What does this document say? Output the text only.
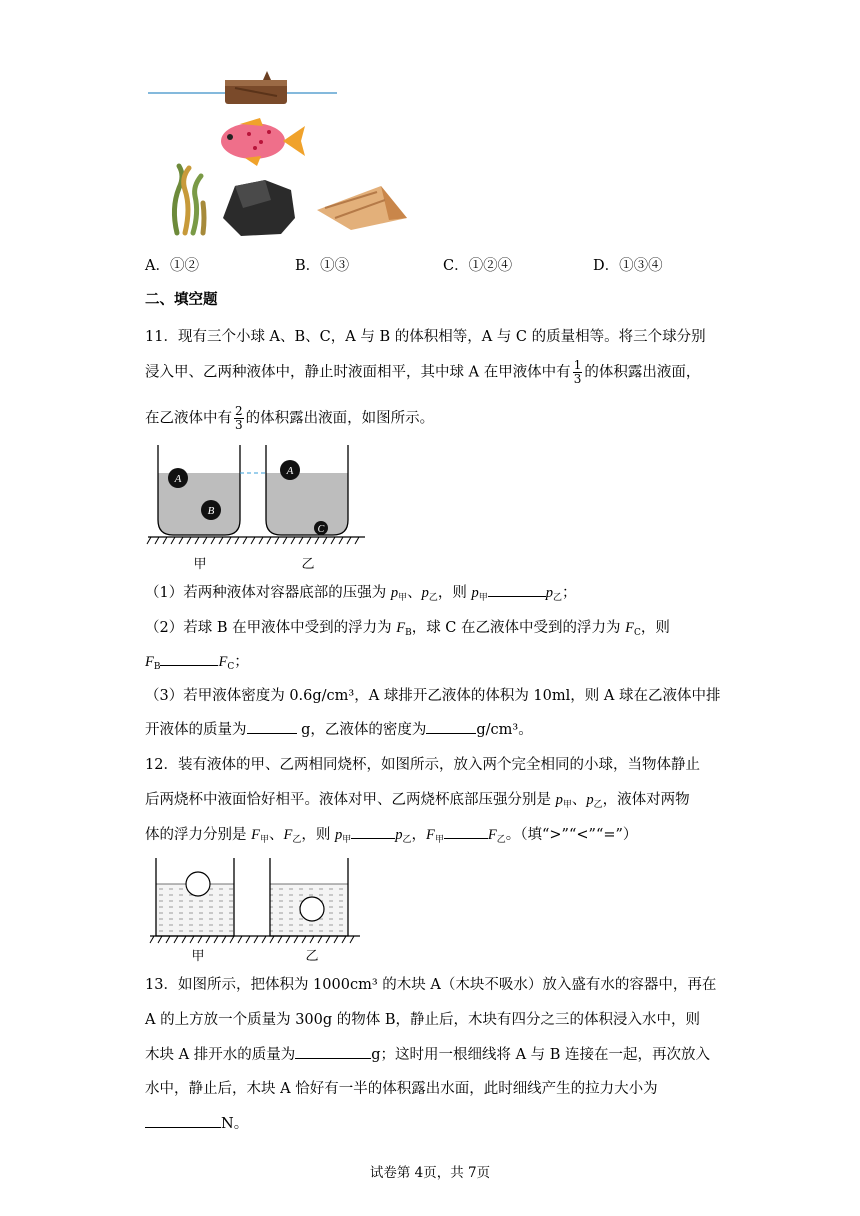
A．①②	B．①③	C．①②④	D．①③④
二、填空题
11．现有三个小球 A、B、C，A 与 B 的体积相等，A 与 C 的质量相等。将三个球分别
浸入甲、乙两种液体中，静止时液面相平，其中球 A 在甲液体中有 $\frac{1}{3}$ 的体积露出液面，
在乙液体中有 $\frac{2}{3}$ 的体积露出液面，如图所示。
A
B
A
C
甲	乙
（1）若两种液体对容器底部的压强为 $p_甲$、$p_乙$，则 $p_甲$	$p_乙$；
（2）若球 B 在甲液体中受到的浮力为 $F_B$，球 C 在乙液体中受到的浮力为 $F_C$，则
$F_B$	$F_C$；
（3）若甲液体密度为 0.6g/cm³，A 球排开乙液体的体积为 10ml，则 A 球在乙液体中排
开液体的质量为	g，乙液体的密度为	g/cm³。
12．装有液体的甲、乙两相同烧杯，如图所示，放入两个完全相同的小球，当物体静止
后两烧杯中液面恰好相平。液体对甲、乙两烧杯底部压强分别是 $p_甲$、$p_乙$，液体对两物
体的浮力分别是 $F_甲$、$F_乙$，则 $p_甲$	$p_乙$，$F_甲$	$F_乙$。（填“>”“<”“=”）
甲	乙
13．如图所示，把体积为 1000cm³ 的木块 A（木块不吸水）放入盛有水的容器中，再在
A 的上方放一个质量为 300g 的物体 B，静止后，木块有四分之三的体积浸入水中，则
木块 A 排开水的质量为	g；这时用一根细线将 A 与 B 连接在一起，再次放入
水中，静止后，木块 A 恰好有一半的体积露出水面，此时细线产生的拉力大小为
N。
试卷第 4页，共 7页
